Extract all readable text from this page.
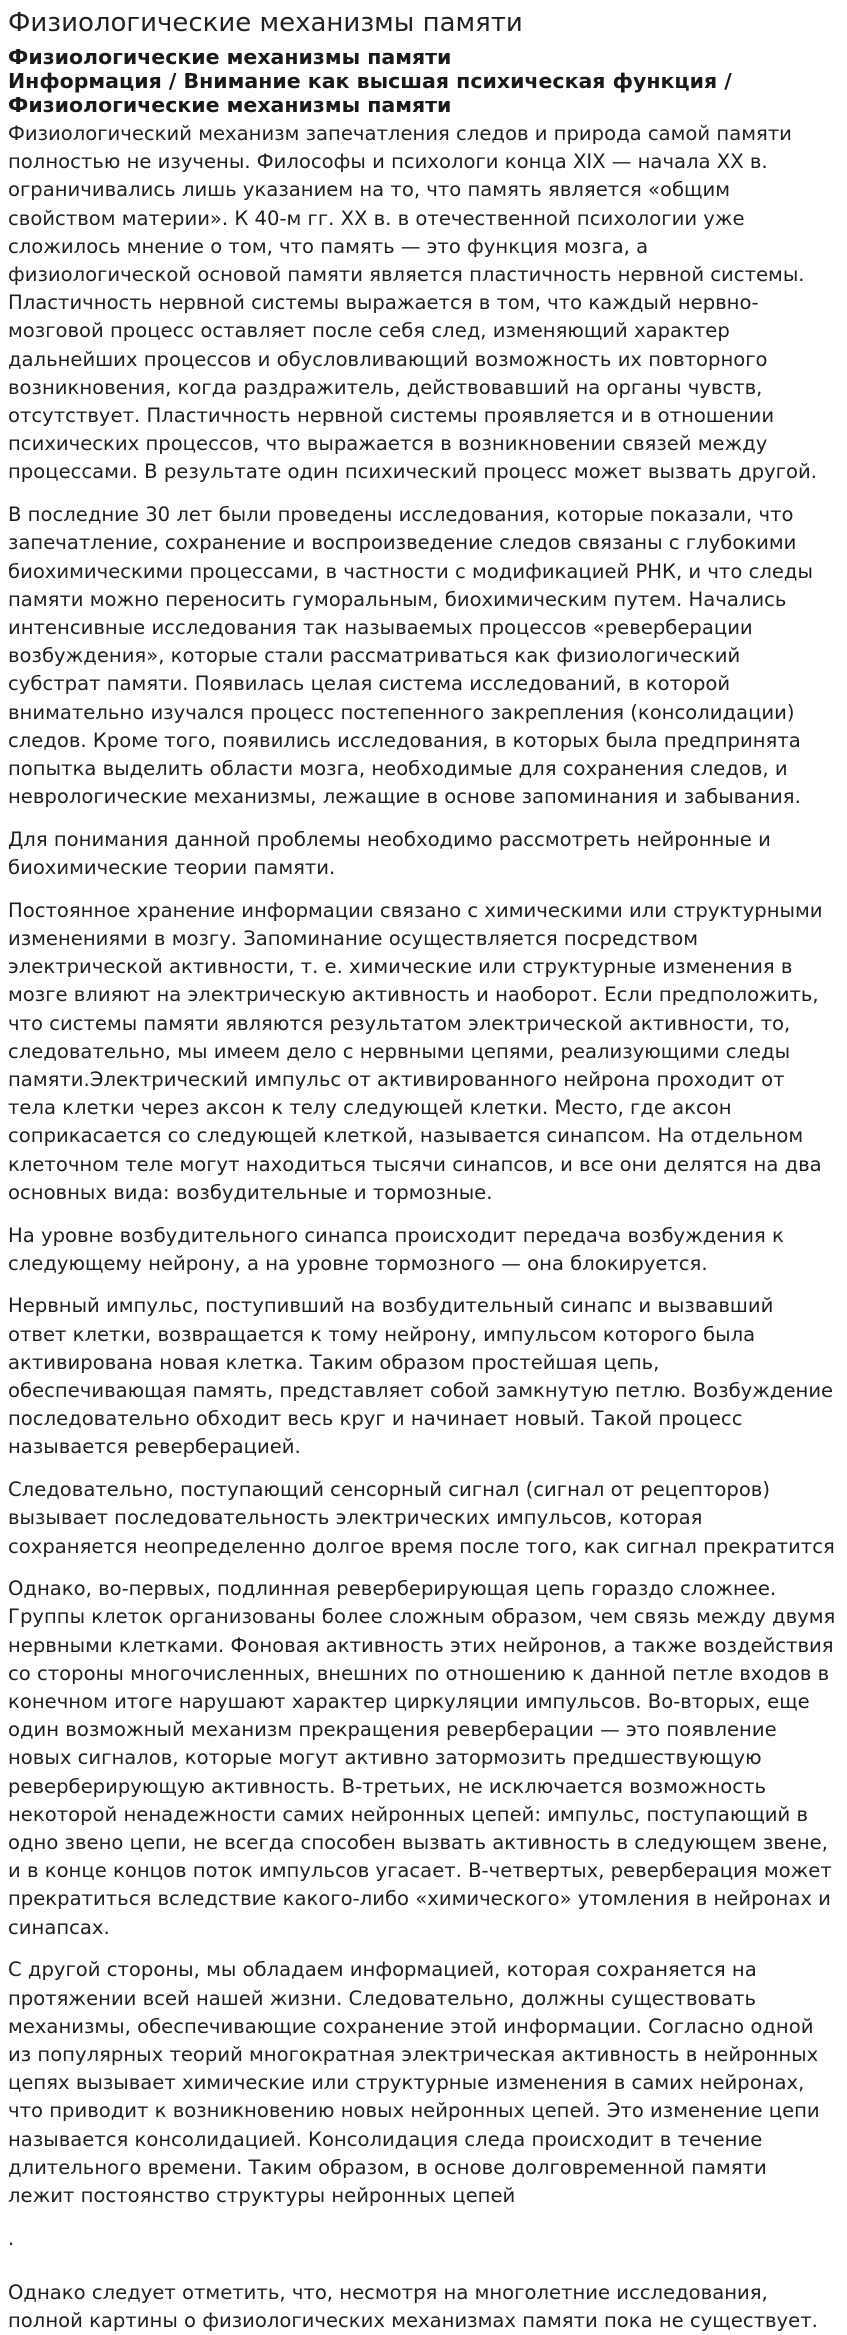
Физиологические механизмы памяти
Физиологические механизмы памяти
Информация / Внимание как высшая психическая функция /
Физиологические механизмы памяти

Физиологический механизм запечатления следов и природа самой памяти полностью не изучены. Философы и психологи конца XIX — начала XX в. ограничивались лишь указанием на то, что память является «общим свойством материи». К 40-м гг. XX в. в отечественной психологии уже сложилось мнение о том, что память — это функция мозга, а физиологической основой памяти является пластичность нервной системы. Пластичность нервной системы выражается в том, что каждый нервно-мозговой процесс оставляет после себя след, изменяющий характер дальнейших процессов и обусловливающий возможность их повторного возникновения, когда раздражитель, действовавший на органы чувств, отсутствует. Пластичность нервной системы проявляется и в отношении психических процессов, что выражается в возникновении связей между процессами. В результате один психический процесс может вызвать другой.

В последние 30 лет были проведены исследования, которые показали, что запечатление, сохранение и воспроизведение следов связаны с глубокими биохимическими процессами, в частности с модификацией РНК, и что следы памяти можно переносить гуморальным, биохимическим путем. Начались интенсивные исследования так называемых процессов «реверберации возбуждения», которые стали рассматриваться как физиологический субстрат памяти. Появилась целая система исследований, в которой внимательно изучался процесс постепенного закрепления (консолидации) следов. Кроме того, появились исследования, в которых была предпринята попытка выделить области мозга, необходимые для сохранения следов, и неврологические механизмы, лежащие в основе запоминания и забывания.

Для понимания данной проблемы необходимо рассмотреть нейронные и биохимические теории памяти.

Постоянное хранение информации связано с химическими или структурными изменениями в мозгу. Запоминание осуществляется посредством электрической активности, т. е. химические или структурные изменения в мозге влияют на электрическую активность и наоборот. Если предположить, что системы памяти являются результатом электрической активности, то, следовательно, мы имеем дело с нервными цепями, реализующими следы памяти.Электрический импульс от активированного нейрона проходит от тела клетки через аксон к телу следующей клетки. Место, где аксон соприкасается со следующей клеткой, называется синапсом. На отдельном клеточном теле могут находиться тысячи синапсов, и все они делятся на два основных вида: возбудительные и тормозные.

На уровне возбудительного синапса происходит передача возбуждения к следующему нейрону, а на уровне тормозного — она блокируется.

Нервный импульс, поступивший на возбудительный синапс и вызвавший ответ клетки, возвращается к тому нейрону, импульсом которого была активирована новая клетка. Таким образом простейшая цепь, обеспечивающая память, представляет собой замкнутую петлю. Возбуждение последовательно обходит весь круг и начинает новый. Такой процесс называется реверберацией.

Следовательно, поступающий сенсорный сигнал (сигнал от рецепторов) вызывает последовательность электрических импульсов, которая сохраняется неопределенно долгое время после того, как сигнал прекратится

Однако, во-первых, подлинная реверберирующая цепь гораздо сложнее. Группы клеток организованы более сложным образом, чем связь между двумя нервными клетками. Фоновая активность этих нейронов, а также воздействия со стороны многочисленных, внешних по отношению к данной петле входов в конечном итоге нарушают характер циркуляции импульсов. Во-вторых, еще один возможный механизм прекращения реверберации — это появление новых сигналов, которые могут активно затормозить предшествующую реверберирующую активность. В-третьих, не исключается возможность некоторой ненадежности самих нейронных цепей: импульс, поступающий в одно звено цепи, не всегда способен вызвать активность в следующем звене, и в конце концов поток импульсов угасает. В-четвертых, реверберация может прекратиться вследствие какого-либо «химического» утомления в нейронах и синапсах.

С другой стороны, мы обладаем информацией, которая сохраняется на протяжении всей нашей жизни. Следовательно, должны существовать механизмы, обеспечивающие сохранение этой информации. Согласно одной из популярных теорий многократная электрическая активность в нейронных цепях вызывает химические или структурные изменения в самих нейронах, что приводит к возникновению новых нейронных цепей. Это изменение цепи называется консолидацией. Консолидация следа происходит в течение длительного времени. Таким образом, в основе долговременной памяти лежит постоянство структуры нейронных цепей

.

Однако следует отметить, что, несмотря на многолетние исследования, полной картины о физиологических механизмах памяти пока не существует.
